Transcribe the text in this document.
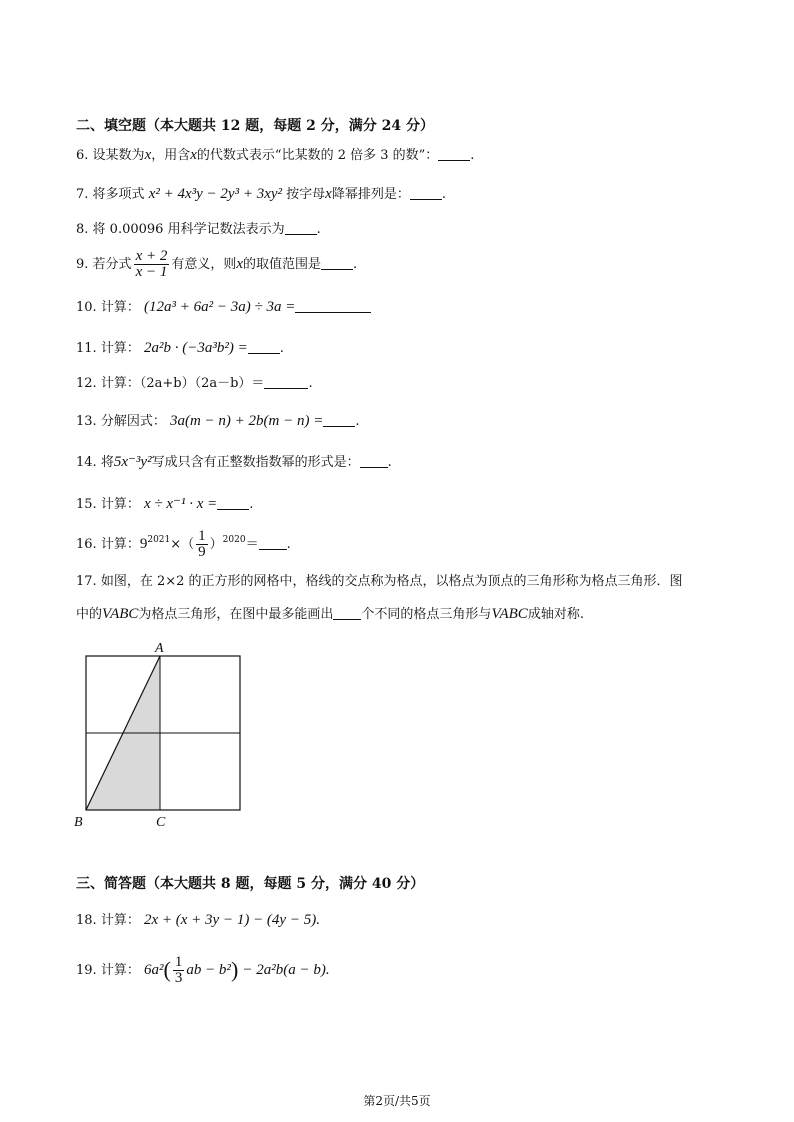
二、填空题（本大题共 12 题，每题 2 分，满分 24 分）
6. 设某数为x，用含x的代数式表示“比某数的 2 倍多 3 的数”： .
7. 将多项式 x² + 4x³y − 2y³ + 3xy² 按字母x降幂排列是： .
8. 将 0.00096 用科学记数法表示为 .
9. 若分式 $\frac{x + 2}{x - 1}$ 有意义，则x的取值范围是 .
10. 计算： (12a³ + 6a² − 3a) ÷ 3a =
11. 计算： 2a²b · (−3a³b²) = .
12. 计算：（2a+b）（2a－b）＝	.
13. 分解因式： 3a(m − n) + 2b(m − n) = .
14. 将5x⁻³y²写成只含有正整数指数幂的形式是： .
15. 计算： x ÷ x⁻¹ · x = .
16. 计算：$9^{2021}\times( \frac{1}{9} )^{2020}=$ .
17. 如图，在 2×2 的正方形的网格中，格线的交点称为格点，以格点为顶点的三角形称为格点三角形．图
中的VABC为格点三角形，在图中最多能画出 个不同的格点三角形与VABC成轴对称.
A
B	C
三、简答题（本大题共 8 题，每题 5 分，满分 40 分）
18. 计算： 2x + (x + 3y − 1) − (4y − 5).
19. 计算： $6a^2( \frac{1}{3}$ ab − b²) − 2a²b(a − b).
第2页/共5页
